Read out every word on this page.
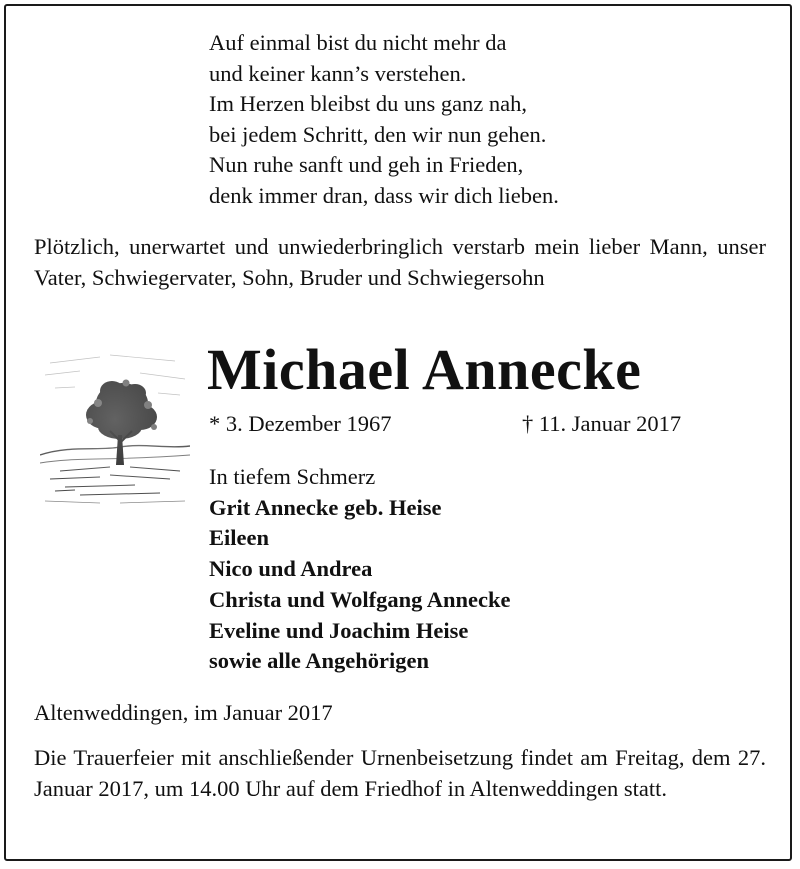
Auf einmal bist du nicht mehr da
und keiner kann’s verstehen.
Im Herzen bleibst du uns ganz nah,
bei jedem Schritt, den wir nun gehen.
Nun ruhe sanft und geh in Frieden,
denk immer dran, dass wir dich lieben.

Plötzlich, unerwartet und unwiederbringlich verstarb mein lieber Mann, unser Vater, Schwiegervater, Sohn, Bruder und Schwiegersohn

Michael Annecke
* 3. Dezember 1967	† 11. Januar 2017
In tiefem Schmerz
Grit Annecke geb. Heise
Eileen
Nico und Andrea
Christa und Wolfgang Annecke
Eveline und Joachim Heise
sowie alle Angehörigen
Altenweddingen, im Januar 2017

Die Trauerfeier mit anschließender Urnenbeisetzung findet am Freitag, dem 27. Januar 2017, um 14.00 Uhr auf dem Friedhof in Altenweddingen statt.
